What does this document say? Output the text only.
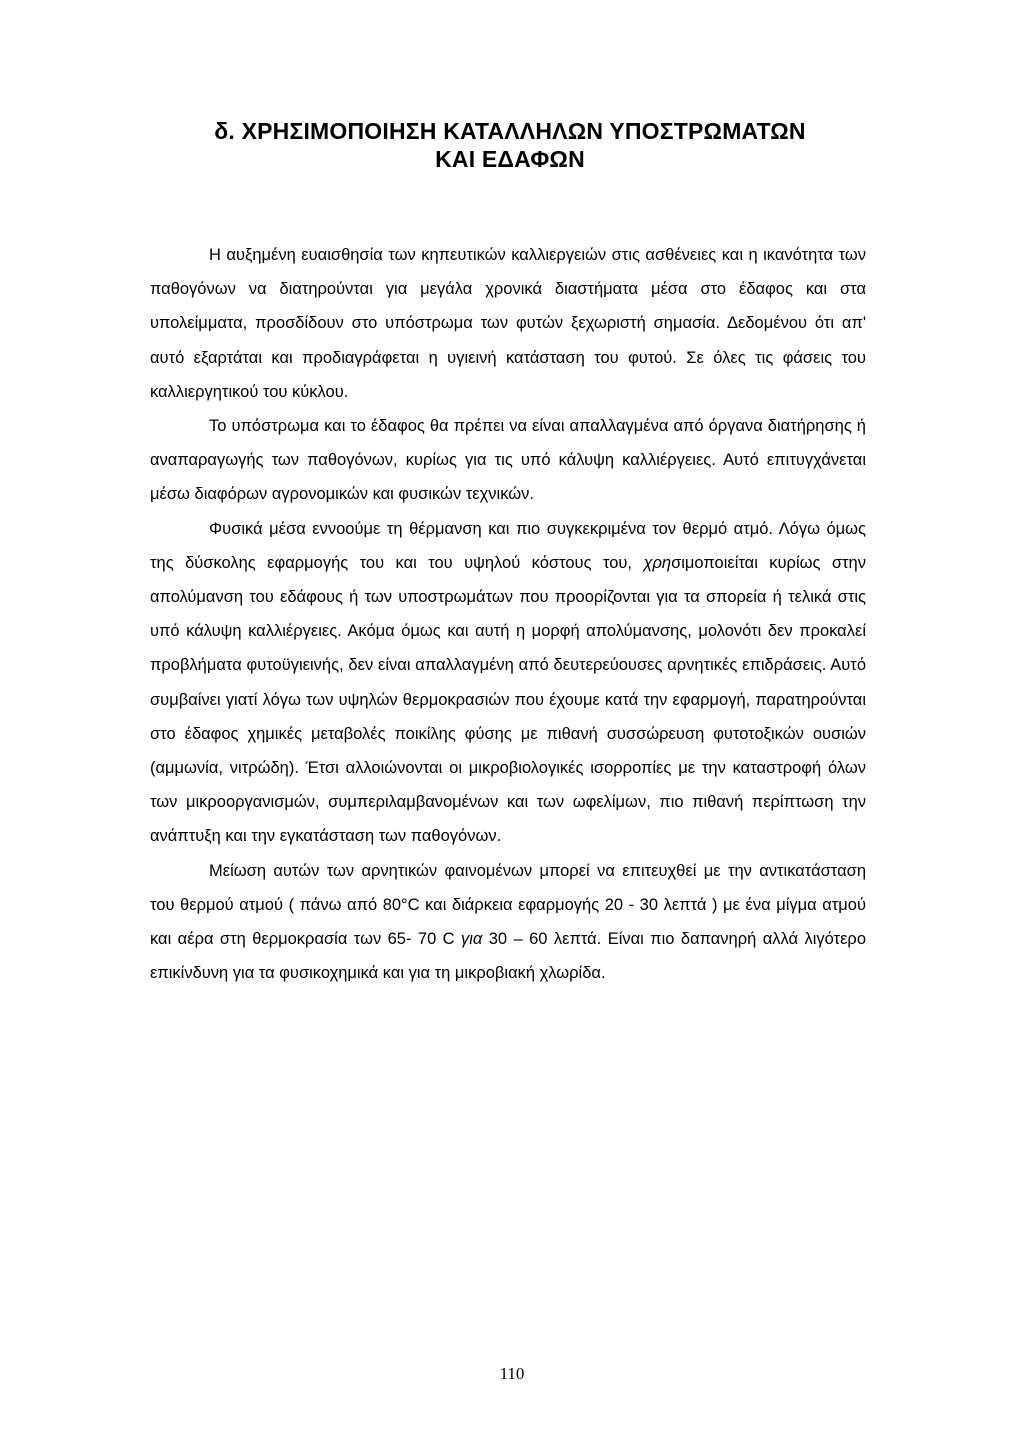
δ. ΧΡΗΣΙΜΟΠΟΙΗΣΗ ΚΑΤΑΛΛΗΛΩΝ ΥΠΟΣΤΡΩΜΑΤΩΝ
ΚΑΙ ΕΔΑΦΩΝ

Η αυξημένη ευαισθησία των κηπευτικών καλλιεργειών στις ασθένειες και η ικανότητα των παθογόνων να διατηρούνται για μεγάλα χρονικά διαστήματα μέσα στο έδαφος και στα υπολείμματα, προσδίδουν στο υπόστρωμα των φυτών ξεχωριστή σημασία. Δεδομένου ότι απ' αυτό εξαρτάται και προδιαγράφεται η υγιεινή κατάσταση του φυτού. Σε όλες τις φάσεις του καλλιεργητικού του κύκλου.

Το υπόστρωμα και το έδαφος θα πρέπει να είναι απαλλαγμένα από όργανα διατήρησης ή αναπαραγωγής των παθογόνων, κυρίως για τις υπό κάλυψη καλλιέργειες. Αυτό επιτυγχάνεται μέσω διαφόρων αγρονομικών και φυσικών τεχνικών.

Φυσικά μέσα εννοούμε τη θέρμανση και πιο συγκεκριμένα τον θερμό ατμό. Λόγω όμως της δύσκολης εφαρμογής του και του υψηλού κόστους του, χρησιμοποιείται κυρίως στην απολύμανση του εδάφους ή των υποστρωμάτων που προορίζονται για τα σπορεία ή τελικά στις υπό κάλυψη καλλιέργειες. Ακόμα όμως και αυτή η μορφή απολύμανσης, μολονότι δεν προκαλεί προβλήματα φυτοϋγιεινής, δεν είναι απαλλαγμένη από δευτερεύουσες αρνητικές επιδράσεις. Αυτό συμβαίνει γιατί λόγω των υψηλών θερμοκρασιών που έχουμε κατά την εφαρμογή, παρατηρούνται στο έδαφος χημικές μεταβολές ποικίλης φύσης με πιθανή συσσώρευση φυτοτοξικών ουσιών (αμμωνία, νιτρώδη). Έτσι αλλοιώνονται οι μικροβιολογικές ισορροπίες με την καταστροφή όλων των μικροοργανισμών, συμπεριλαμβανομένων και των ωφελίμων, πιο πιθανή περίπτωση την ανάπτυξη και την εγκατάσταση των παθογόνων.

Μείωση αυτών των αρνητικών φαινομένων μπορεί να επιτευχθεί με την αντικατάσταση του θερμού ατμού ( πάνω από 80°C και διάρκεια εφαρμογής 20 - 30 λεπτά ) με ένα μίγμα ατμού και αέρα στη θερμοκρασία των 65- 70 C για 30 – 60 λεπτά. Είναι πιο δαπανηρή αλλά λιγότερο επικίνδυνη για τα φυσικοχημικά και για τη μικροβιακή χλωρίδα.

110
